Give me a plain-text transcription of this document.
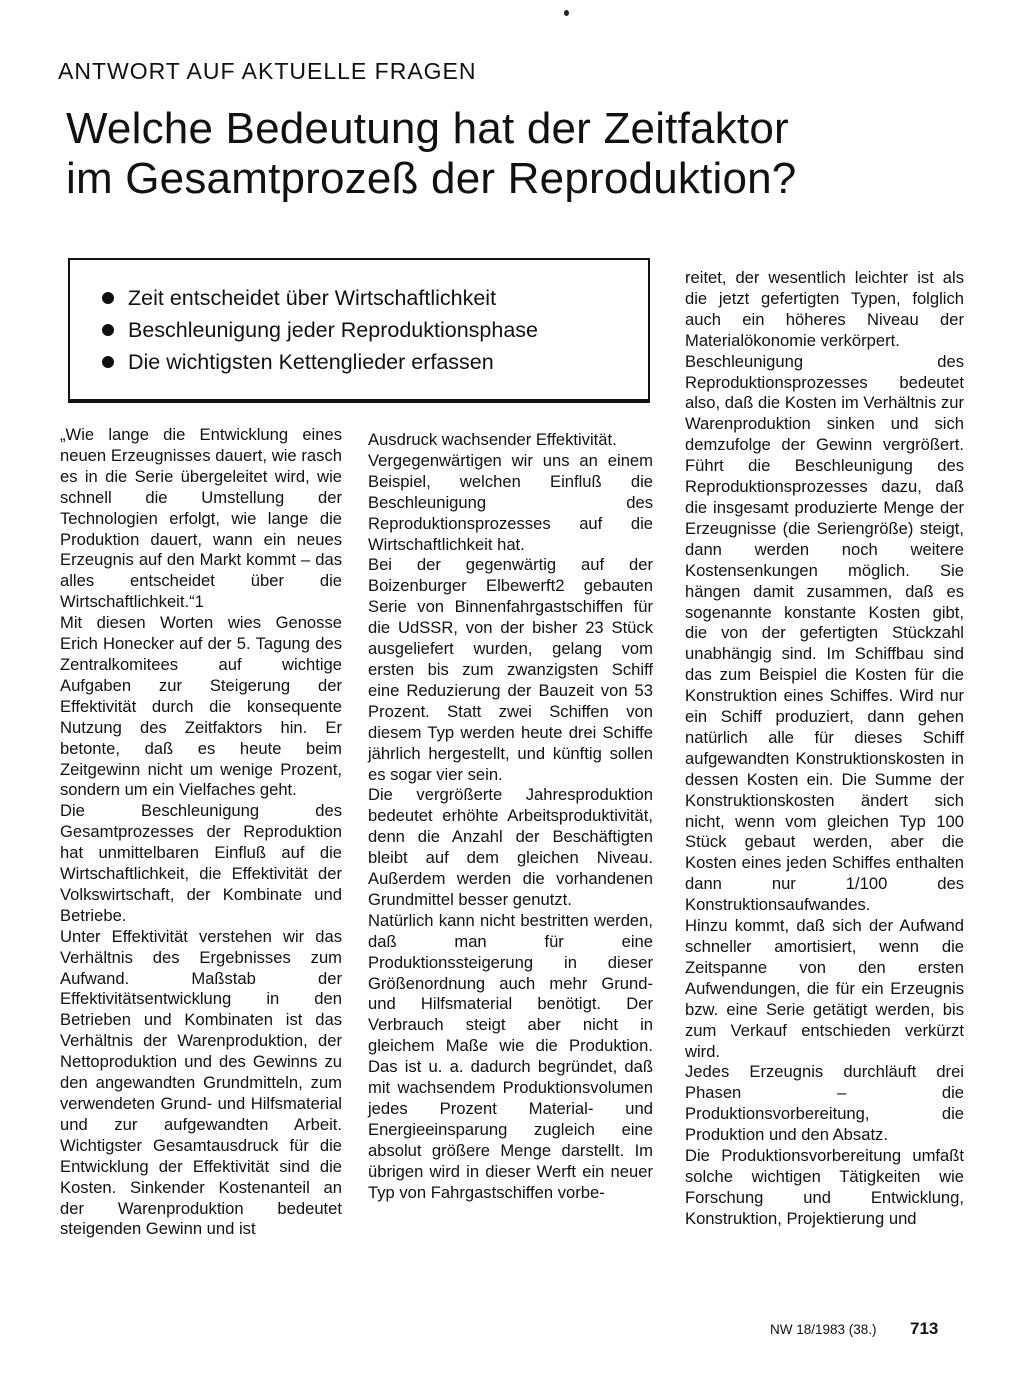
ANTWORT AUF AKTUELLE FRAGEN
Welche Bedeutung hat der Zeitfaktor
im Gesamtprozeß der Reproduktion?
Zeit entscheidet über Wirtschaftlichkeit
Beschleunigung jeder Reproduktionsphase
Die wichtigsten Kettenglieder erfassen

„Wie lange die Entwicklung eines neuen Erzeugnisses dauert, wie rasch es in die Serie übergeleitet wird, wie schnell die Umstellung der Technologien erfolgt, wie lange die Produktion dauert, wann ein neues Erzeugnis auf den Markt kommt – das alles entscheidet über die Wirtschaftlichkeit.“1

Mit diesen Worten wies Genosse Erich Honecker auf der 5. Tagung des Zentralkomitees auf wichtige Aufgaben zur Steigerung der Effektivität durch die konsequente Nutzung des Zeitfaktors hin. Er betonte, daß es heute beim Zeitgewinn nicht um wenige Prozent, sondern um ein Vielfaches geht.

Die Beschleunigung des Gesamtprozesses der Reproduktion hat unmittelbaren Einfluß auf die Wirtschaftlichkeit, die Effektivität der Volkswirtschaft, der Kombinate und Betriebe.

Unter Effektivität verstehen wir das Verhältnis des Ergebnisses zum Aufwand. Maßstab der Effektivitätsentwicklung in den Betrieben und Kombinaten ist das Verhältnis der Warenproduktion, der Nettoproduktion und des Gewinns zu den angewandten Grundmitteln, zum verwendeten Grund- und Hilfsmaterial und zur aufgewandten Arbeit. Wichtigster Gesamtausdruck für die Entwicklung der Effektivität sind die Kosten. Sinkender Kostenanteil an der Warenproduktion bedeutet steigenden Gewinn und ist

Ausdruck wachsender Effektivität.

Vergegenwärtigen wir uns an einem Beispiel, welchen Einfluß die Beschleunigung des Reproduktionsprozesses auf die Wirtschaftlichkeit hat.

Bei der gegenwärtig auf der Boizenburger Elbewerft2 gebauten Serie von Binnenfahrgastschiffen für die UdSSR, von der bisher 23 Stück ausgeliefert wurden, gelang vom ersten bis zum zwanzigsten Schiff eine Reduzierung der Bauzeit von 53 Prozent. Statt zwei Schiffen von diesem Typ werden heute drei Schiffe jährlich hergestellt, und künftig sollen es sogar vier sein.

Die vergrößerte Jahresproduktion bedeutet erhöhte Arbeitsproduktivität, denn die Anzahl der Beschäftigten bleibt auf dem gleichen Niveau. Außerdem werden die vorhandenen Grundmittel besser genutzt.

Natürlich kann nicht bestritten werden, daß man für eine Produktionssteigerung in dieser Größenordnung auch mehr Grund- und Hilfsmaterial benötigt. Der Verbrauch steigt aber nicht in gleichem Maße wie die Produktion. Das ist u. a. dadurch begründet, daß mit wachsendem Produktionsvolumen jedes Prozent Material- und Energieeinsparung zugleich eine absolut größere Menge darstellt. Im übrigen wird in dieser Werft ein neuer Typ von Fahrgastschiffen vorbe-

reitet, der wesentlich leichter ist als die jetzt gefertigten Typen, folglich auch ein höheres Niveau der Materialökonomie verkörpert.

Beschleunigung des Reproduktionsprozesses bedeutet also, daß die Kosten im Verhältnis zur Warenproduktion sinken und sich demzufolge der Gewinn vergrößert. Führt die Beschleunigung des Reproduktionsprozesses dazu, daß die insgesamt produzierte Menge der Erzeugnisse (die Seriengröße) steigt, dann werden noch weitere Kostensenkungen möglich. Sie hängen damit zusammen, daß es sogenannte konstante Kosten gibt, die von der gefertigten Stückzahl unabhängig sind. Im Schiffbau sind das zum Beispiel die Kosten für die Konstruktion eines Schiffes. Wird nur ein Schiff produziert, dann gehen natürlich alle für dieses Schiff aufgewandten Konstruktionskosten in dessen Kosten ein. Die Summe der Konstruktionskosten ändert sich nicht, wenn vom gleichen Typ 100 Stück gebaut werden, aber die Kosten eines jeden Schiffes enthalten dann nur 1/100 des Konstruktionsaufwandes.

Hinzu kommt, daß sich der Aufwand schneller amortisiert, wenn die Zeitspanne von den ersten Aufwendungen, die für ein Erzeugnis bzw. eine Serie getätigt werden, bis zum Verkauf entschieden verkürzt wird.

Jedes Erzeugnis durchläuft drei Phasen – die Produktionsvorbereitung, die Produktion und den Absatz.

Die Produktionsvorbereitung umfaßt solche wichtigen Tätigkeiten wie Forschung und Entwicklung, Konstruktion, Projektierung und

NW 18/1983 (38.) 713
